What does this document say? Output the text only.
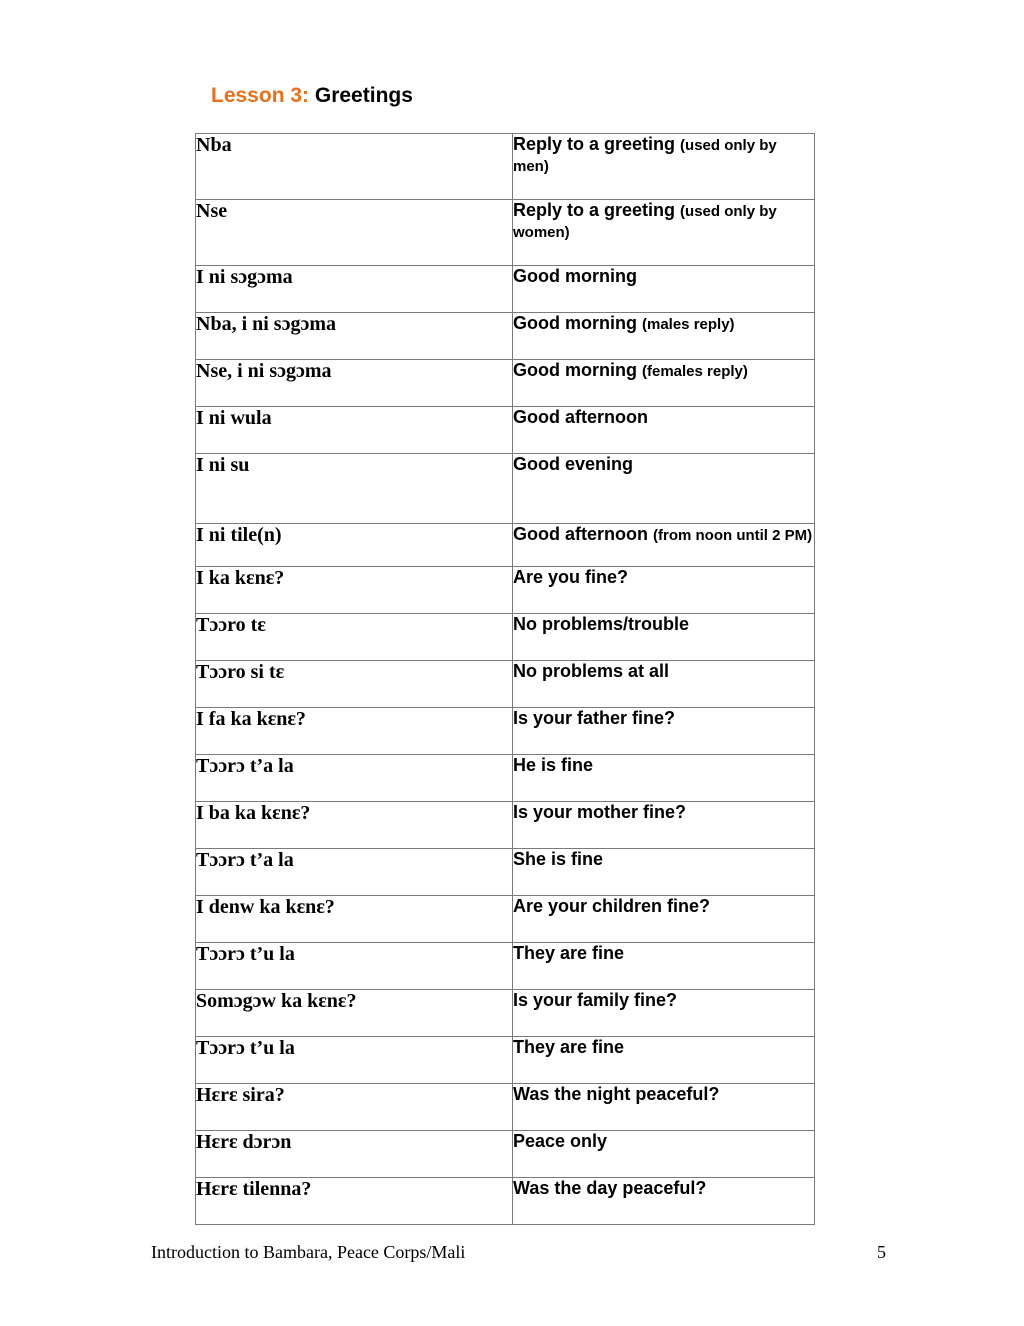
Lesson 3: Greetings
Nba	Reply to a greeting (used only by men)
Nse	Reply to a greeting (used only by women)
I ni sɔgɔma	Good morning
Nba, i ni sɔgɔma	Good morning (males reply)
Nse, i ni sɔgɔma	Good morning (females reply)
I ni wula	Good afternoon
I ni su	Good evening
I ni tile(n)	Good afternoon (from noon until 2 PM)
I ka kɛnɛ?	Are you fine?
Tɔɔro tɛ	No problems/trouble
Tɔɔro si tɛ	No problems at all
I fa ka kɛnɛ?	Is your father fine?
Tɔɔrɔ t’a la	He is fine
I ba ka kɛnɛ?	Is your mother fine?
Tɔɔrɔ t’a la	She is fine
I denw ka kɛnɛ?	Are your children fine?
Tɔɔrɔ t’u la	They are fine
Somɔgɔw ka kɛnɛ?	Is your family fine?
Tɔɔrɔ t’u la	They are fine
Hɛrɛ sira?	Was the night peaceful?
Hɛrɛ dɔrɔn	Peace only
Hɛrɛ tilenna?	Was the day peaceful?
Introduction to Bambara, Peace Corps/Mali	5
